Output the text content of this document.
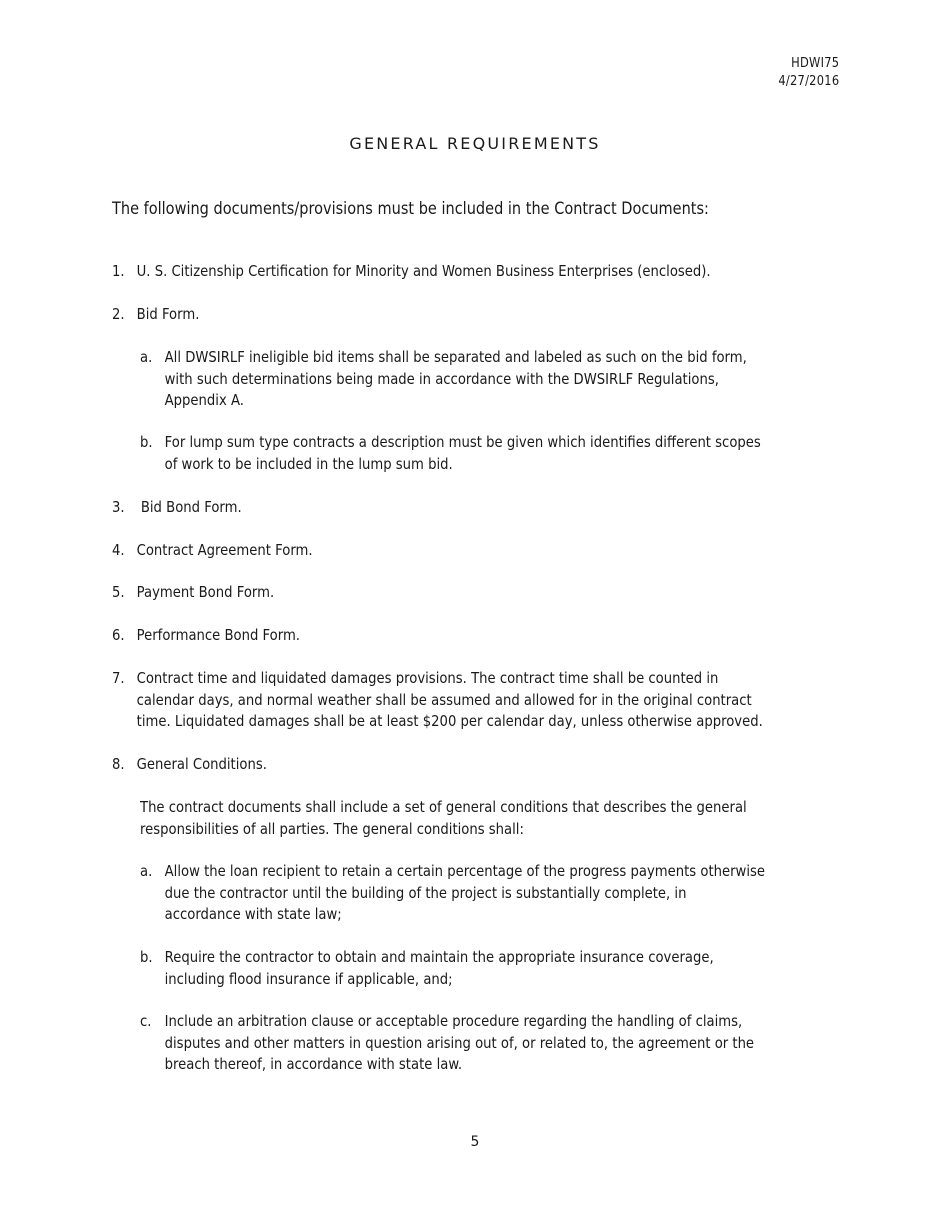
HDWI75
4/27/2016
GENERAL REQUIREMENTS
The following documents/provisions must be included in the Contract Documents:
1. U. S. Citizenship Certification for Minority and Women Business Enterprises (enclosed).
2. Bid Form.
a. All DWSIRLF ineligible bid items shall be separated and labeled as such on the bid form,
with such determinations being made in accordance with the DWSIRLF Regulations,
Appendix A.
b. For lump sum type contracts a description must be given which identifies different scopes
of work to be included in the lump sum bid.
3. Bid Bond Form.
4. Contract Agreement Form.
5. Payment Bond Form.
6. Performance Bond Form.
7. Contract time and liquidated damages provisions. The contract time shall be counted in
calendar days, and normal weather shall be assumed and allowed for in the original contract
time. Liquidated damages shall be at least $200 per calendar day, unless otherwise approved.
8. General Conditions.
The contract documents shall include a set of general conditions that describes the general
responsibilities of all parties. The general conditions shall:
a. Allow the loan recipient to retain a certain percentage of the progress payments otherwise
due the contractor until the building of the project is substantially complete, in
accordance with state law;
b. Require the contractor to obtain and maintain the appropriate insurance coverage,
including flood insurance if applicable, and;
c. Include an arbitration clause or acceptable procedure regarding the handling of claims,
disputes and other matters in question arising out of, or related to, the agreement or the
breach thereof, in accordance with state law.
5
